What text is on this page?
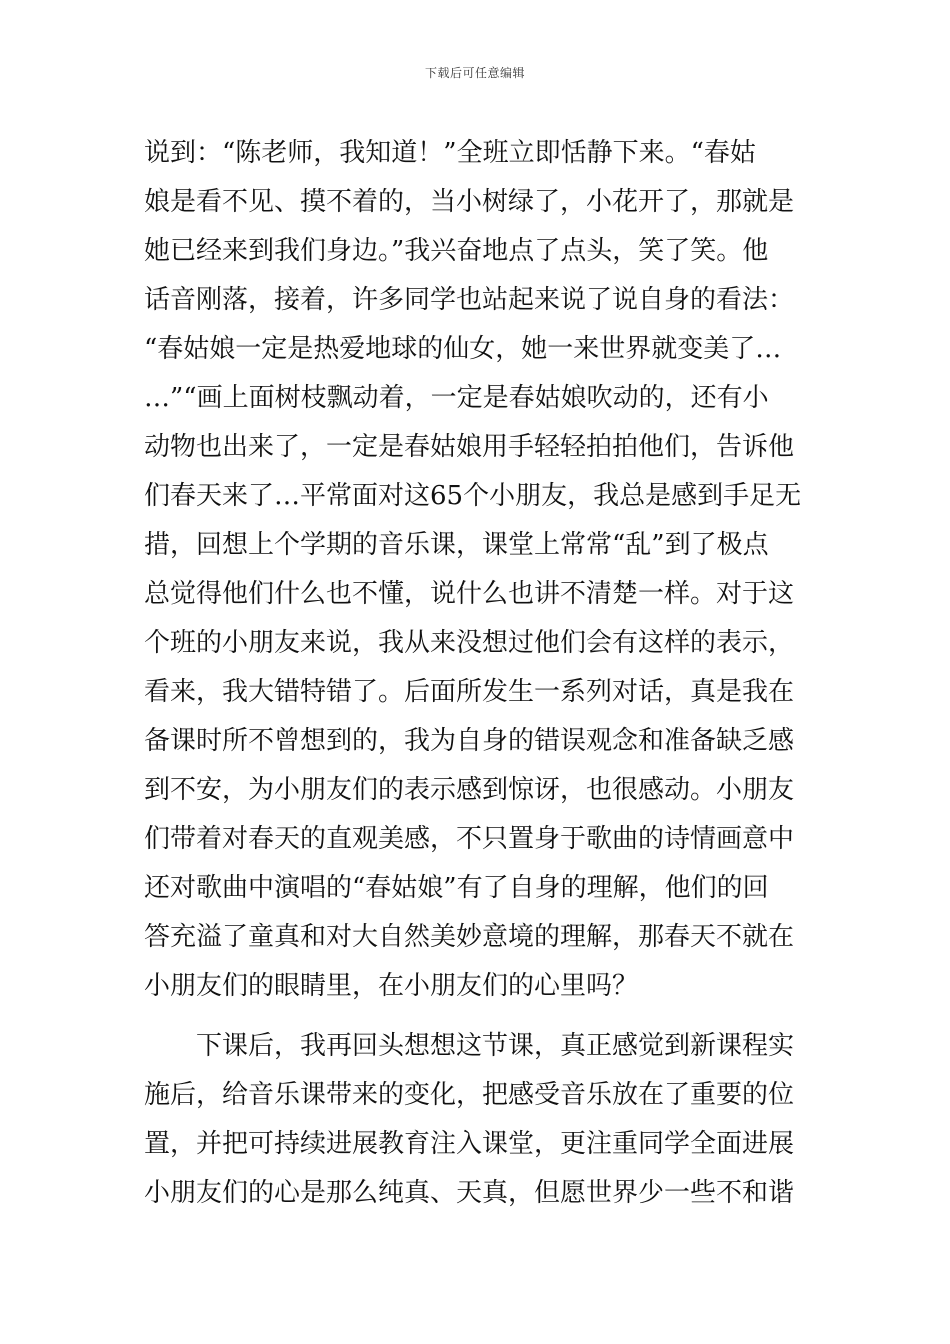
下载后可任意编辑
说到：“陈老师，我知道！”全班立即恬静下来。“春姑
娘是看不见、摸不着的，当小树绿了，小花开了，那就是
她已经来到我们身边。”我兴奋地点了点头，笑了笑。他
话音刚落，接着，许多同学也站起来说了说自身的看法：
“春姑娘一定是热爱地球的仙女，她一来世界就变美了…
…”“画上面树枝飘动着，一定是春姑娘吹动的，还有小
动物也出来了，一定是春姑娘用手轻轻拍拍他们，告诉他
们春天来了…平常面对这65个小朋友，我总是感到手足无
措，回想上个学期的音乐课，课堂上常常“乱”到了极点
总觉得他们什么也不懂，说什么也讲不清楚一样。对于这
个班的小朋友来说，我从来没想过他们会有这样的表示，
看来，我大错特错了。后面所发生一系列对话，真是我在
备课时所不曾想到的，我为自身的错误观念和准备缺乏感
到不安，为小朋友们的表示感到惊讶，也很感动。小朋友
们带着对春天的直观美感，不只置身于歌曲的诗情画意中
还对歌曲中演唱的“春姑娘”有了自身的理解，他们的回
答充溢了童真和对大自然美妙意境的理解，那春天不就在
小朋友们的眼睛里，在小朋友们的心里吗？
下课后，我再回头想想这节课，真正感觉到新课程实
施后，给音乐课带来的变化，把感受音乐放在了重要的位
置，并把可持续进展教育注入课堂，更注重同学全面进展
小朋友们的心是那么纯真、天真，但愿世界少一些不和谐
